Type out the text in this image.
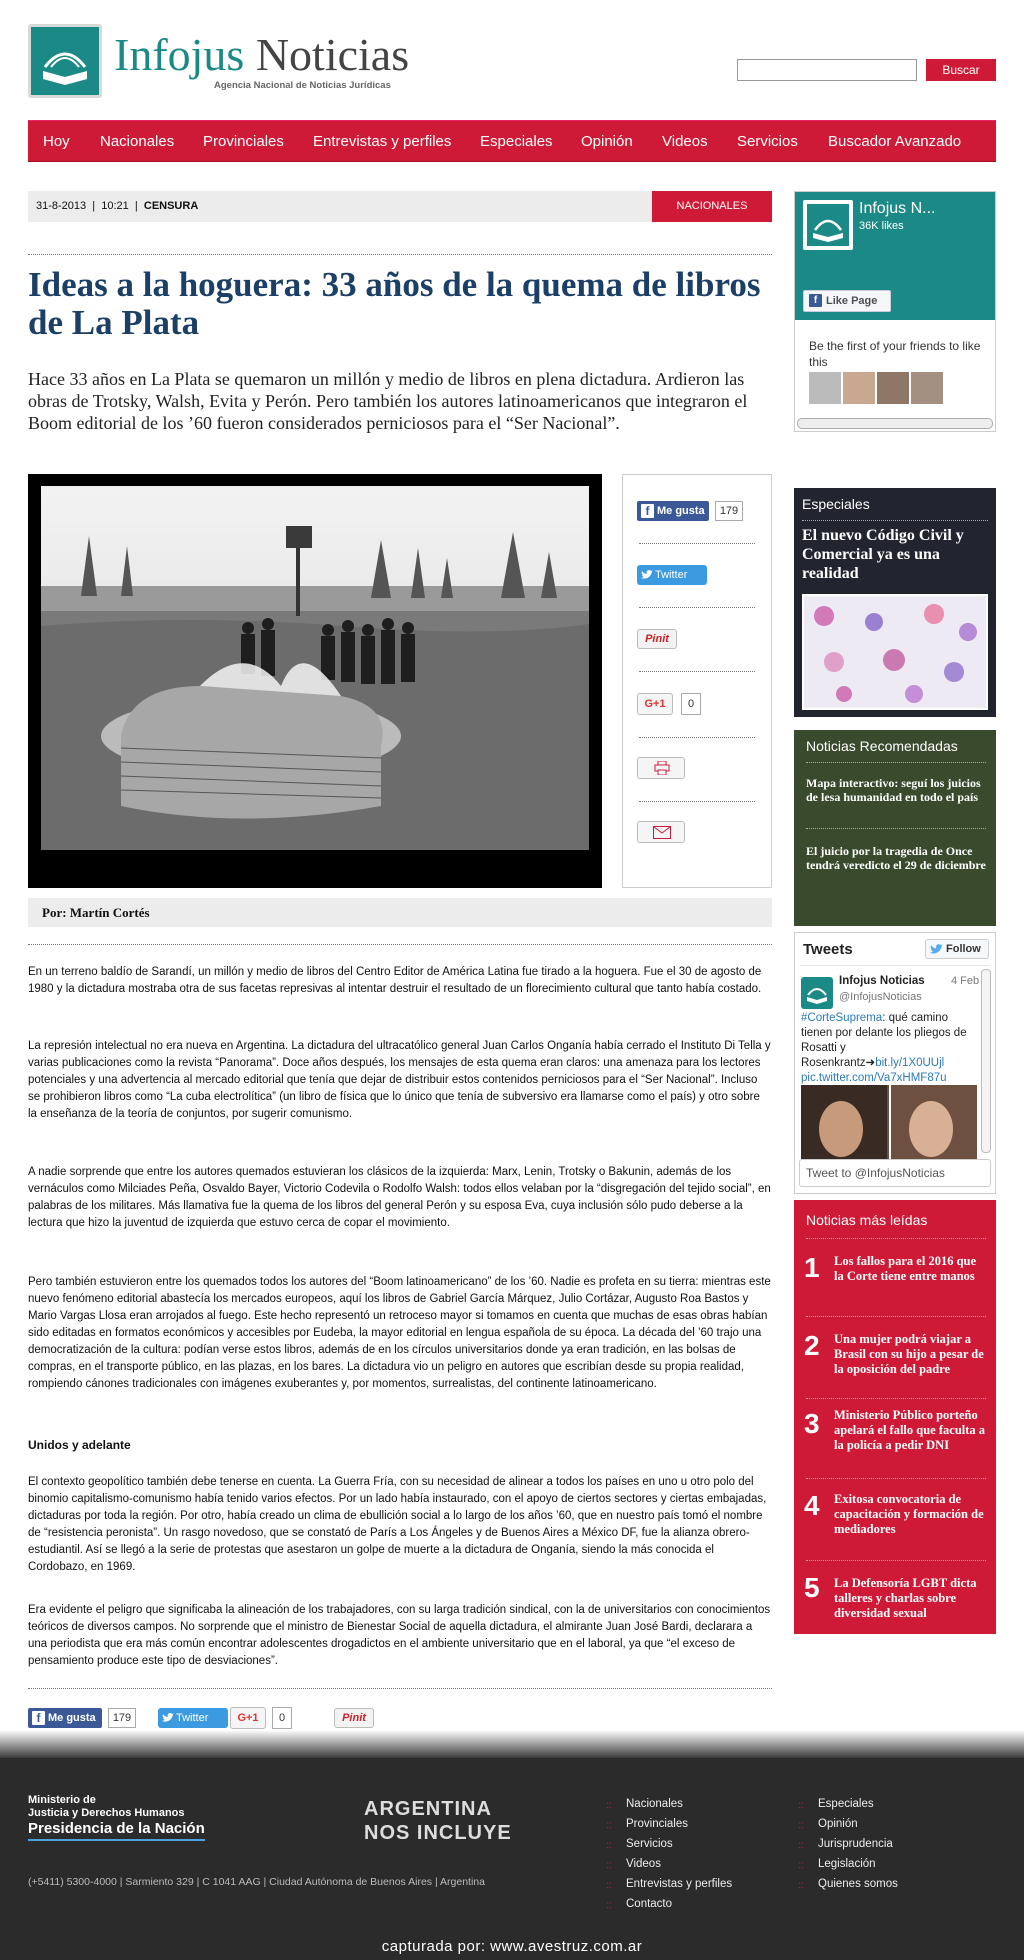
Infojus Noticias
Agencia Nacional de Noticias Jurídicas
Buscar
Hoy Nacionales Provinciales Entrevistas y perfiles Especiales Opinión Videos Servicios Buscador Avanzado
31-8-2013  |  10:21  |  CENSURA	NACIONALES
Ideas a la hoguera: 33 años de la quema de libros de La Plata

Hace 33 años en La Plata se quemaron un millón y medio de libros en plena dictadura. Ardieron las obras de Trotsky, Walsh, Evita y Perón. Pero también los autores latinoamericanos que integraron el Boom editorial de los ’60 fueron considerados perniciosos para el “Ser Nacional”.

f Me gusta	179
Twitter
Pinit
G+1	0
Por: Martín Cortés

En un terreno baldío de Sarandí, un millón y medio de libros del Centro Editor de América Latina fue tirado a la hoguera. Fue el 30 de agosto de 1980 y la dictadura mostraba otra de sus facetas represivas al intentar destruir el resultado de un florecimiento cultural que tanto había costado.

La represión intelectual no era nueva en Argentina. La dictadura del ultracatólico general Juan Carlos Onganía había cerrado el Instituto Di Tella y varias publicaciones como la revista “Panorama”. Doce años después, los mensajes de esta quema eran claros: una amenaza para los lectores potenciales y una advertencia al mercado editorial que tenía que dejar de distribuir estos contenidos perniciosos para el “Ser Nacional”. Incluso se prohibieron libros como “La cuba electrolítica” (un libro de física que lo único que tenía de subversivo era llamarse como el país) y otro sobre la enseñanza de la teoría de conjuntos, por sugerir comunismo.

A nadie sorprende que entre los autores quemados estuvieran los clásicos de la izquierda: Marx, Lenin, Trotsky o Bakunin, además de los vernáculos como Milciades Peña, Osvaldo Bayer, Victorio Codevila o Rodolfo Walsh: todos ellos velaban por la “disgregación del tejido social”, en palabras de los militares. Más llamativa fue la quema de los libros del general Perón y su esposa Eva, cuya inclusión sólo pudo deberse a la lectura que hizo la juventud de izquierda que estuvo cerca de copar el movimiento.

Pero también estuvieron entre los quemados todos los autores del “Boom latinoamericano” de los ’60. Nadie es profeta en su tierra: mientras este nuevo fenómeno editorial abastecía los mercados europeos, aquí los libros de Gabriel García Márquez, Julio Cortázar, Augusto Roa Bastos y Mario Vargas Llosa eran arrojados al fuego. Este hecho representó un retroceso mayor si tomamos en cuenta que muchas de esas obras habían sido editadas en formatos económicos y accesibles por Eudeba, la mayor editorial en lengua española de su época. La década del ’60 trajo una democratización de la cultura: podían verse estos libros, además de en los círculos universitarios donde ya eran tradición, en las bolsas de compras, en el transporte público, en las plazas, en los bares. La dictadura vio un peligro en autores que escribían desde su propia realidad, rompiendo cánones tradicionales con imágenes exuberantes y, por momentos, surrealistas, del continente latinoamericano.

Unidos y adelante

El contexto geopolítico también debe tenerse en cuenta. La Guerra Fría, con su necesidad de alinear a todos los países en uno u otro polo del binomio capitalismo-comunismo había tenido varios efectos. Por un lado había instaurado, con el apoyo de ciertos sectores y ciertas embajadas, dictaduras por toda la región. Por otro, había creado un clima de ebullición social a lo largo de los años ’60, que en nuestro país tomó el nombre de “resistencia peronista”. Un rasgo novedoso, que se constató de París a Los Ángeles y de Buenos Aires a México DF, fue la alianza obrero-estudiantil. Así se llegó a la serie de protestas que asestaron un golpe de muerte a la dictadura de Onganía, siendo la más conocida el Cordobazo, en 1969.

Era evidente el peligro que significaba la alineación de los trabajadores, con su larga tradición sindical, con la de universitarios con conocimientos teóricos de diversos campos. No sorprende que el ministro de Bienestar Social de aquella dictadura, el almirante Juan José Bardi, declarara a una periodista que era más común encontrar adolescentes drogadictos en el ambiente universitario que en el laboral, ya que “el exceso de pensamiento produce este tipo de desviaciones”.

f Me gusta	179	Twitter	G+1	0	Pinit
Infojus N...
36K likes
f Like Page
Be the first of your friends to like this
Especiales
El nuevo Código Civil y Comercial ya es una realidad
Noticias Recomendadas
Mapa interactivo: seguí los juicios de lesa humanidad en todo el país
El juicio por la tragedia de Once tendrá veredicto el 29 de diciembre
Tweets	Follow
Infojus Noticias 4 Feb
@InfojusNoticias
#CorteSuprema: qué camino tienen por delante los pliegos de Rosatti y Rosenkrantz➜bit.ly/1X0UUjl pic.twitter.com/Va7xHMF87u
Tweet to @InfojusNoticias
Noticias más leídas
1 Los fallos para el 2016 que la Corte tiene entre manos
2 Una mujer podrá viajar a Brasil con su hijo a pesar de la oposición del padre
3 Ministerio Público porteño apelará el fallo que faculta a la policía a pedir DNI
4 Exitosa convocatoria de capacitación y formación de mediadores
5 La Defensoría LGBT dicta talleres y charlas sobre diversidad sexual
Ministerio de
Justicia y Derechos Humanos
Presidencia de la Nación
ARGENTINA
NOS INCLUYE
(+5411) 5300-4000 | Sarmiento 329 | C 1041 AAG | Ciudad Autónoma de Buenos Aires | Argentina
:: Nacionales
:: Provinciales
:: Servicios
:: Videos
:: Entrevistas y perfiles
:: Contacto
:: Especiales
:: Opinión
:: Jurisprudencia
:: Legislación
:: Quienes somos
capturada por: www.avestruz.com.ar
